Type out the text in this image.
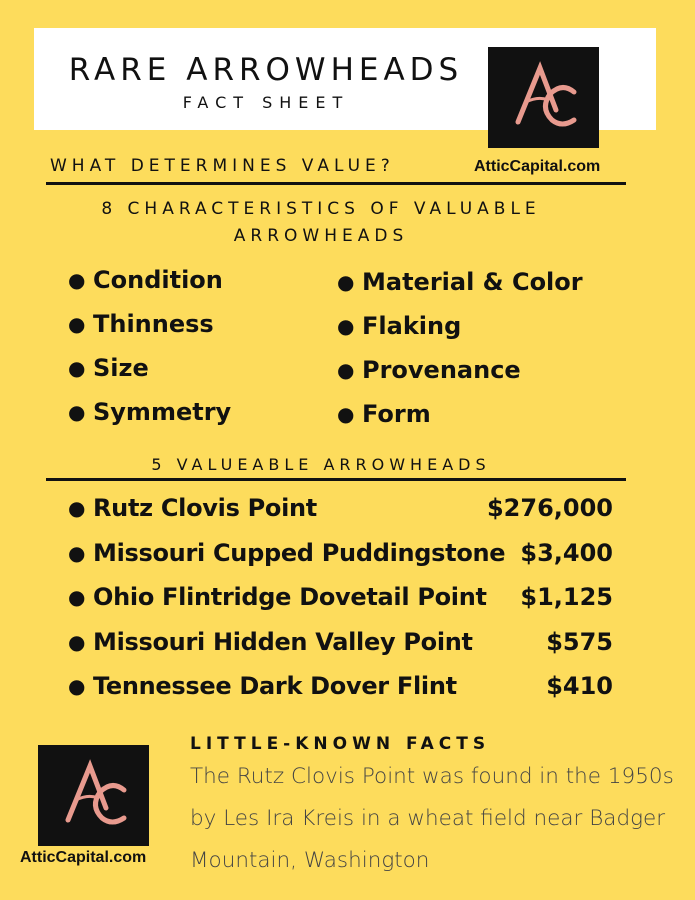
RARE ARROWHEADS
FACT SHEET
AtticCapital.com
WHAT DETERMINES VALUE?
8 CHARACTERISTICS OF VALUABLE ARROWHEADS
● Condition
● Thinness
● Size
● Symmetry
● Material & Color
● Flaking
● Provenance
● Form
5 VALUEABLE ARROWHEADS
● Rutz Clovis Point	$276,000
● Missouri Cupped Puddingstone $3,400
● Ohio Flintridge Dovetail Point	$1,125
● Missouri Hidden Valley Point	$575
● Tennessee Dark Dover Flint	$410
AtticCapital.com
LITTLE-KNOWN FACTS
The Rutz Clovis Point was found in the 1950s by Les Ira Kreis in a wheat field near Badger Mountain, Washington
